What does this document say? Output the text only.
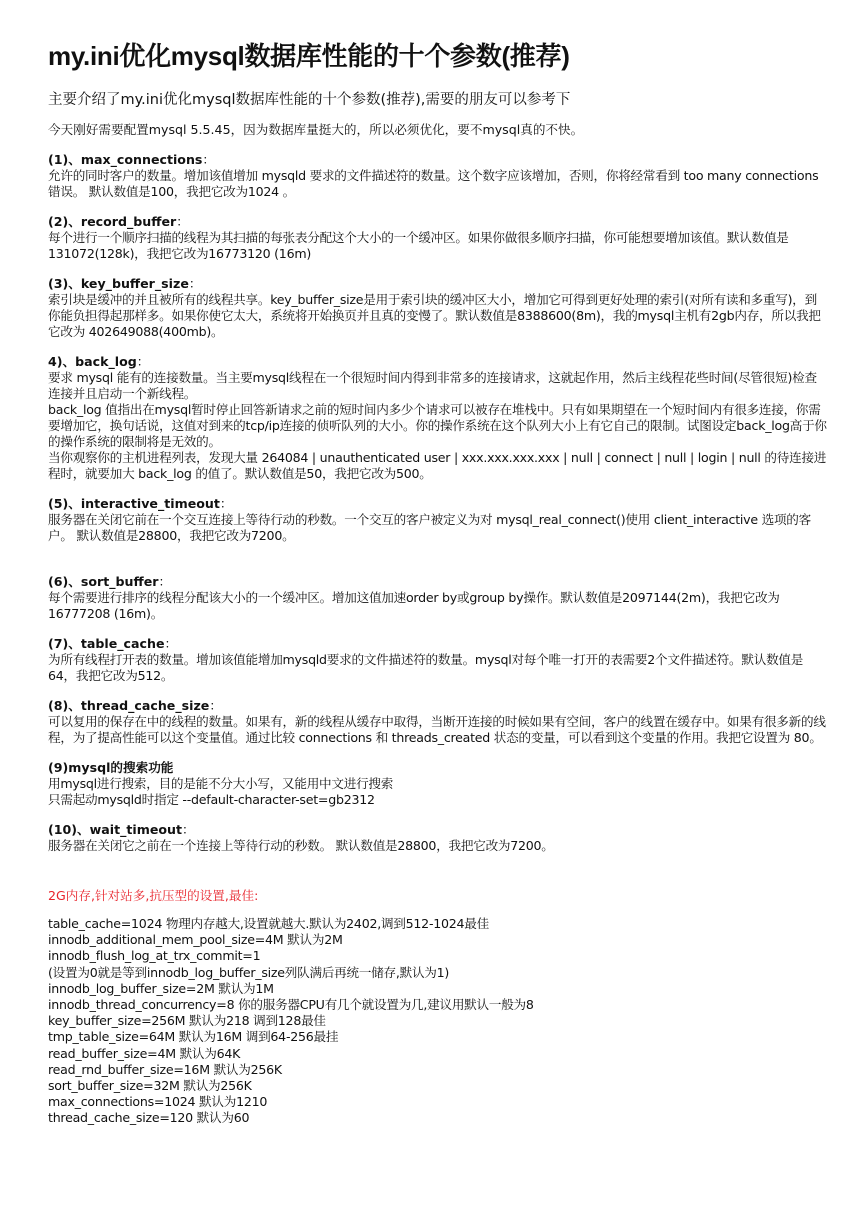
my.ini优化mysql数据库性能的十个参数(推荐)

主要介绍了my.ini优化mysql数据库性能的十个参数(推荐),需要的朋友可以参考下

今天刚好需要配置mysql 5.5.45，因为数据库量挺大的，所以必须优化，要不mysql真的不快。

(1)、max_connections：
允许的同时客户的数量。增加该值增加 mysqld 要求的文件描述符的数量。这个数字应该增加，否则，你将经常看到 too many connections 错误。 默认数值是100，我把它改为1024 。
(2)、record_buffer：
每个进行一个顺序扫描的线程为其扫描的每张表分配这个大小的一个缓冲区。如果你做很多顺序扫描，你可能想要增加该值。默认数值是131072(128k)，我把它改为16773120 (16m)
(3)、key_buffer_size：
索引块是缓冲的并且被所有的线程共享。key_buffer_size是用于索引块的缓冲区大小，增加它可得到更好处理的索引(对所有读和多重写)，到你能负担得起那样多。如果你使它太大，系统将开始换页并且真的变慢了。默认数值是8388600(8m)，我的mysql主机有2gb内存，所以我把它改为 402649088(400mb)。
4)、back_log：
要求 mysql 能有的连接数量。当主要mysql线程在一个很短时间内得到非常多的连接请求，这就起作用，然后主线程花些时间(尽管很短)检查连接并且启动一个新线程。
back_log 值指出在mysql暂时停止回答新请求之前的短时间内多少个请求可以被存在堆栈中。只有如果期望在一个短时间内有很多连接，你需要增加它，换句话说，这值对到来的tcp/ip连接的侦听队列的大小。你的操作系统在这个队列大小上有它自己的限制。试图设定back_log高于你的操作系统的限制将是无效的。
当你观察你的主机进程列表，发现大量 264084 | unauthenticated user | xxx.xxx.xxx.xxx | null | connect | null | login | null 的待连接进程时，就要加大 back_log 的值了。默认数值是50，我把它改为500。
(5)、interactive_timeout：
服务器在关闭它前在一个交互连接上等待行动的秒数。一个交互的客户被定义为对 mysql_real_connect()使用 client_interactive 选项的客户。 默认数值是28800，我把它改为7200。
(6)、sort_buffer：
每个需要进行排序的线程分配该大小的一个缓冲区。增加这值加速order by或group by操作。默认数值是2097144(2m)，我把它改为 16777208 (16m)。
(7)、table_cache：
为所有线程打开表的数量。增加该值能增加mysqld要求的文件描述符的数量。mysql对每个唯一打开的表需要2个文件描述符。默认数值是64，我把它改为512。
(8)、thread_cache_size：
可以复用的保存在中的线程的数量。如果有，新的线程从缓存中取得，当断开连接的时候如果有空间，客户的线置在缓存中。如果有很多新的线程，为了提高性能可以这个变量值。通过比较 connections 和 threads_created 状态的变量，可以看到这个变量的作用。我把它设置为 80。
(9)mysql的搜索功能
用mysql进行搜索，目的是能不分大小写，又能用中文进行搜索
只需起动mysqld时指定 --default-character-set=gb2312
(10)、wait_timeout：
服务器在关闭它之前在一个连接上等待行动的秒数。 默认数值是28800，我把它改为7200。
2G内存,针对站多,抗压型的设置,最佳:
table_cache=1024 物理内存越大,设置就越大.默认为2402,调到512-1024最佳
innodb_additional_mem_pool_size=4M 默认为2M
innodb_flush_log_at_trx_commit=1
(设置为0就是等到innodb_log_buffer_size列队满后再统一储存,默认为1)
innodb_log_buffer_size=2M 默认为1M
innodb_thread_concurrency=8 你的服务器CPU有几个就设置为几,建议用默认一般为8
key_buffer_size=256M 默认为218 调到128最佳
tmp_table_size=64M 默认为16M 调到64-256最挂
read_buffer_size=4M 默认为64K
read_rnd_buffer_size=16M 默认为256K
sort_buffer_size=32M 默认为256K
max_connections=1024 默认为1210
thread_cache_size=120 默认为60
